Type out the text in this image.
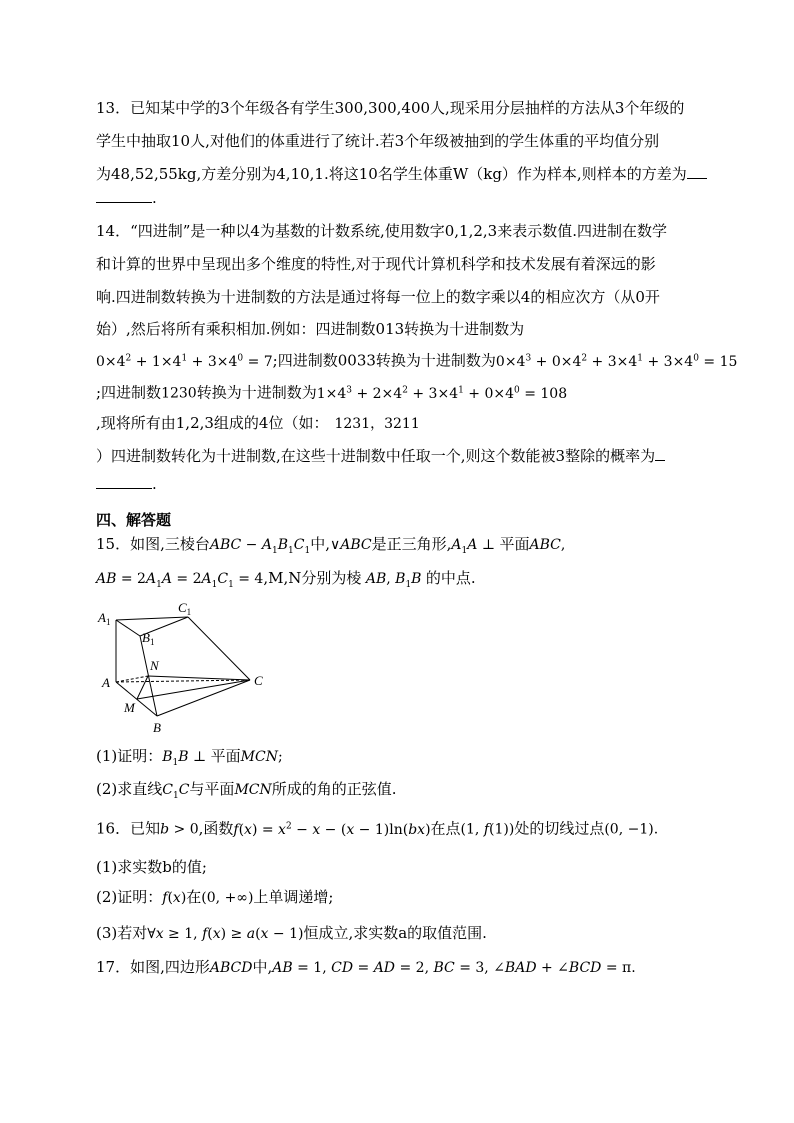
13．已知某中学的3个年级各有学生300,300,400人,现采用分层抽样的方法从3个年级的
学生中抽取10人,对他们的体重进行了统计.若3个年级被抽到的学生体重的平均值分别
为48,52,55kg,方差分别为4,10,1.将这10名学生体重W（kg）作为样本,则样本的方差为
.
14．“四进制”是一种以4为基数的计数系统,使用数字0,1,2,3来表示数值.四进制在数学
和计算的世界中呈现出多个维度的特性,对于现代计算机科学和技术发展有着深远的影
响.四进制数转换为十进制数的方法是通过将每一位上的数字乘以4的相应次方（从0开
始）,然后将所有乘积相加.例如：四进制数013转换为十进制数为
$0\times 4^2 + 1\times 4^1 + 3\times 4^0 = 7$;四进制数0033转换为十进制数为$0\times 4^3 + 0\times 4^2 + 3\times 4^1 + 3\times 4^0 = 15$
;四进制数1230转换为十进制数为$1\times 4^3 + 2\times 4^2 + 3\times 4^1 + 0\times 4^0 = 108$
,现将所有由1,2,3组成的4位（如： 1231，3211
）四进制数转化为十进制数,在这些十进制数中任取一个,则这个数能被3整除的概率为
.
四、解答题
15．如图,三棱台ABC − $A_1B_1C_1$中,∨ABC是正三角形$,A_1A$ ⊥ 平面ABC,
AB = $2A_1A = 2A_1C_1 = 4,M,N$分别为棱 AB, $B_1B$ 的中点.
$A_1$
$C_1$
$B_1$
N
A	C
M
B
(1)证明：$B_1B$ ⊥ 平面MCN;
(2)求直线$C_1C$与平面MCN所成的角的正弦值.
16．已知b > 0,函数$f(x) = x^2 - x - (x - 1)\ln(bx)$在点(1, f(1))处的切线过点(0, −1).
(1)求实数b的值;
(2)证明：f(x)在(0, +∞)上单调递增;
(3)若对∀x ≥ 1, f(x) ≥ a(x − 1)恒成立,求实数a的取值范围.
17．如图,四边形ABCD中,AB = 1, CD = AD = 2, BC = 3, ∠BAD + ∠BCD = π.
